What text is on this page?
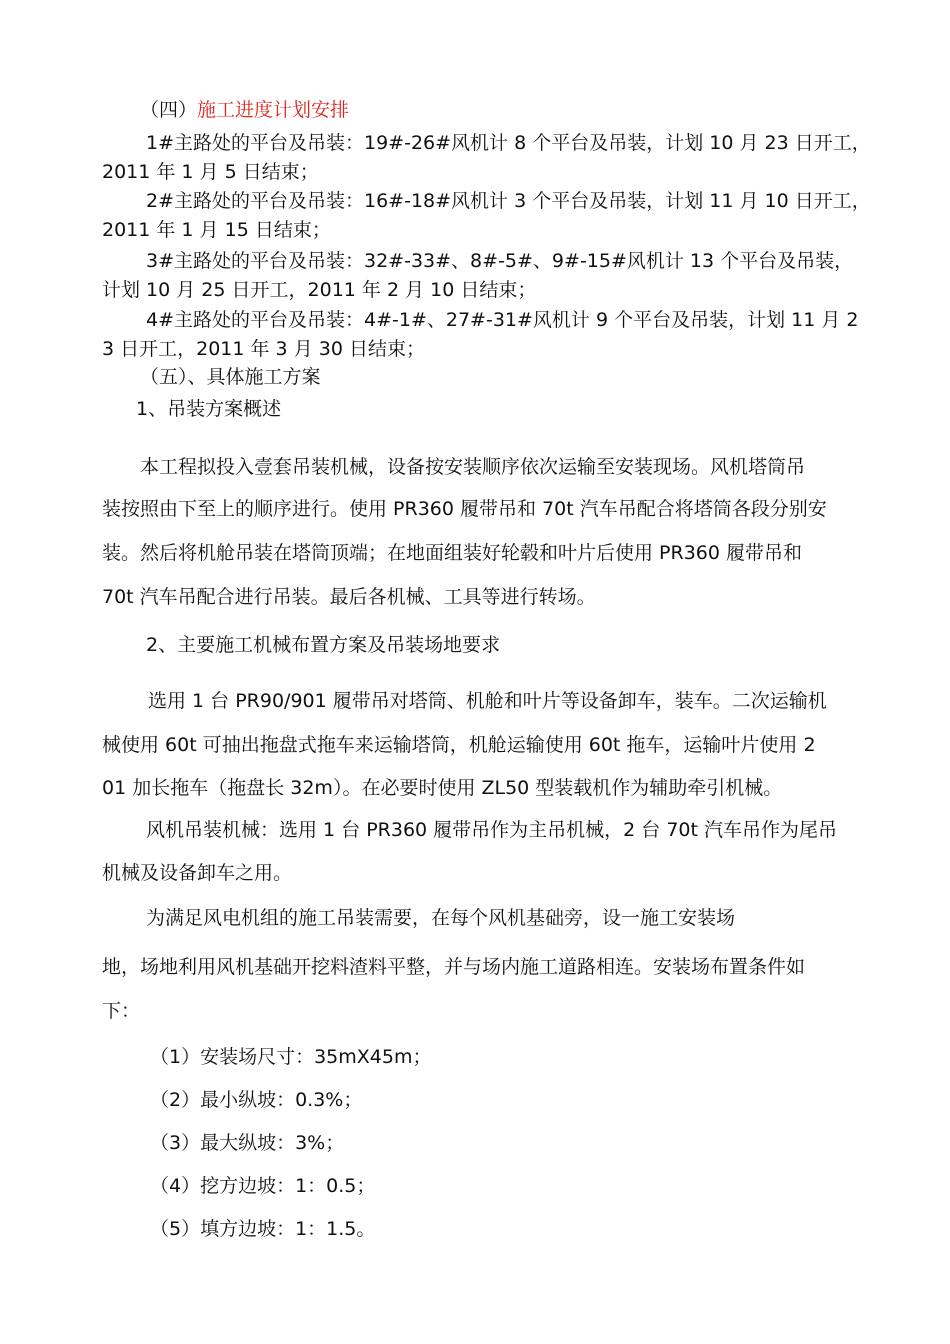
（四）施工进度计划安排
1#主路处的平台及吊装：19#-26#风机计 8 个平台及吊装，计划 10 月 23 日开工，
2011 年 1 月 5 日结束；
2#主路处的平台及吊装：16#-18#风机计 3 个平台及吊装，计划 11 月 10 日开工，
2011 年 1 月 15 日结束；
3#主路处的平台及吊装：32#-33#、8#-5#、9#-15#风机计 13 个平台及吊装，
计划 10 月 25 日开工，2011 年 2 月 10 日结束；
4#主路处的平台及吊装：4#-1#、27#-31#风机计 9 个平台及吊装，计划 11 月 2
3 日开工，2011 年 3 月 30 日结束；
（五）、具体施工方案
1、吊装方案概述
本工程拟投入壹套吊装机械，设备按安装顺序依次运输至安装现场。风机塔筒吊
装按照由下至上的顺序进行。使用 PR360 履带吊和 70t 汽车吊配合将塔筒各段分别安
装。然后将机舱吊装在塔筒顶端；在地面组装好轮毂和叶片后使用 PR360 履带吊和
70t 汽车吊配合进行吊装。最后各机械、工具等进行转场。
2、主要施工机械布置方案及吊装场地要求
选用 1 台 PR90/901 履带吊对塔筒、机舱和叶片等设备卸车，装车。二次运输机
械使用 60t 可抽出拖盘式拖车来运输塔筒，机舱运输使用 60t 拖车，运输叶片使用 2
01 加长拖车（拖盘长 32m）。在必要时使用 ZL50 型装载机作为辅助牵引机械。
风机吊装机械：选用 1 台 PR360 履带吊作为主吊机械，2 台 70t 汽车吊作为尾吊
机械及设备卸车之用。
为满足风电机组的施工吊装需要，在每个风机基础旁，设一施工安装场
地，场地利用风机基础开挖料渣料平整，并与场内施工道路相连。安装场布置条件如
下：
（1）安装场尺寸：35mX45m；
（2）最小纵坡：0.3%；
（3）最大纵坡：3%；
（4）挖方边坡：1：0.5；
（5）填方边坡：1：1.5。
